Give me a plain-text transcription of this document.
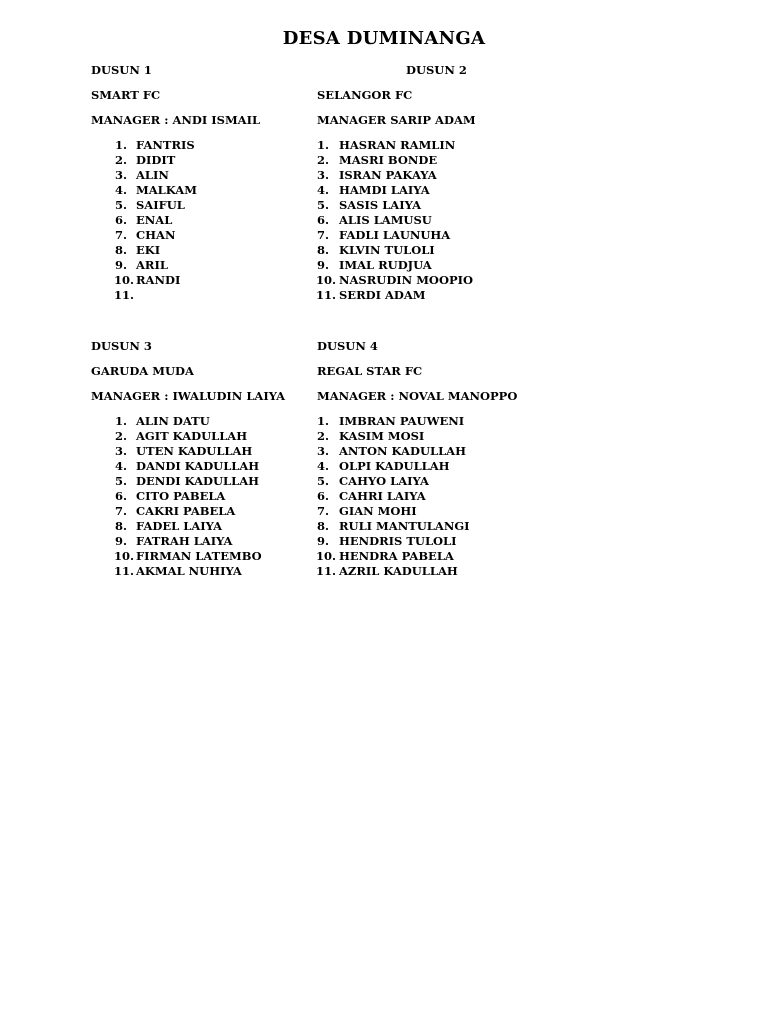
DESA DUMINANGA
DUSUN 1
SMART FC
MANAGER : ANDI ISMAIL
1. FANTRIS
2. DIDIT
3. ALIN
4. MALKAM
5. SAIFUL
6. ENAL
7. CHAN
8. EKI
9. ARIL
10. RANDI
11.
DUSUN 2
SELANGOR FC
MANAGER SARIP ADAM
1. HASRAN RAMLIN
2. MASRI BONDE
3. ISRAN PAKAYA
4. HAMDI LAIYA
5. SASIS LAIYA
6. ALIS LAMUSU
7. FADLI LAUNUHA
8. KLVIN TULOLI
9. IMAL RUDJUA
10. NASRUDIN MOOPIO
11. SERDI ADAM
DUSUN 3
GARUDA MUDA
MANAGER : IWALUDIN LAIYA
1. ALIN DATU
2. AGIT KADULLAH
3. UTEN KADULLAH
4. DANDI KADULLAH
5. DENDI KADULLAH
6. CITO PABELA
7. CAKRI PABELA
8. FADEL LAIYA
9. FATRAH LAIYA
10. FIRMAN LATEMBO
11. AKMAL NUHIYA
DUSUN 4
REGAL STAR FC
MANAGER : NOVAL MANOPPO
1. IMBRAN PAUWENI
2. KASIM MOSI
3. ANTON KADULLAH
4. OLPI KADULLAH
5. CAHYO LAIYA
6. CAHRI LAIYA
7. GIAN MOHI
8. RULI MANTULANGI
9. HENDRIS TULOLI
10. HENDRA PABELA
11. AZRIL KADULLAH
